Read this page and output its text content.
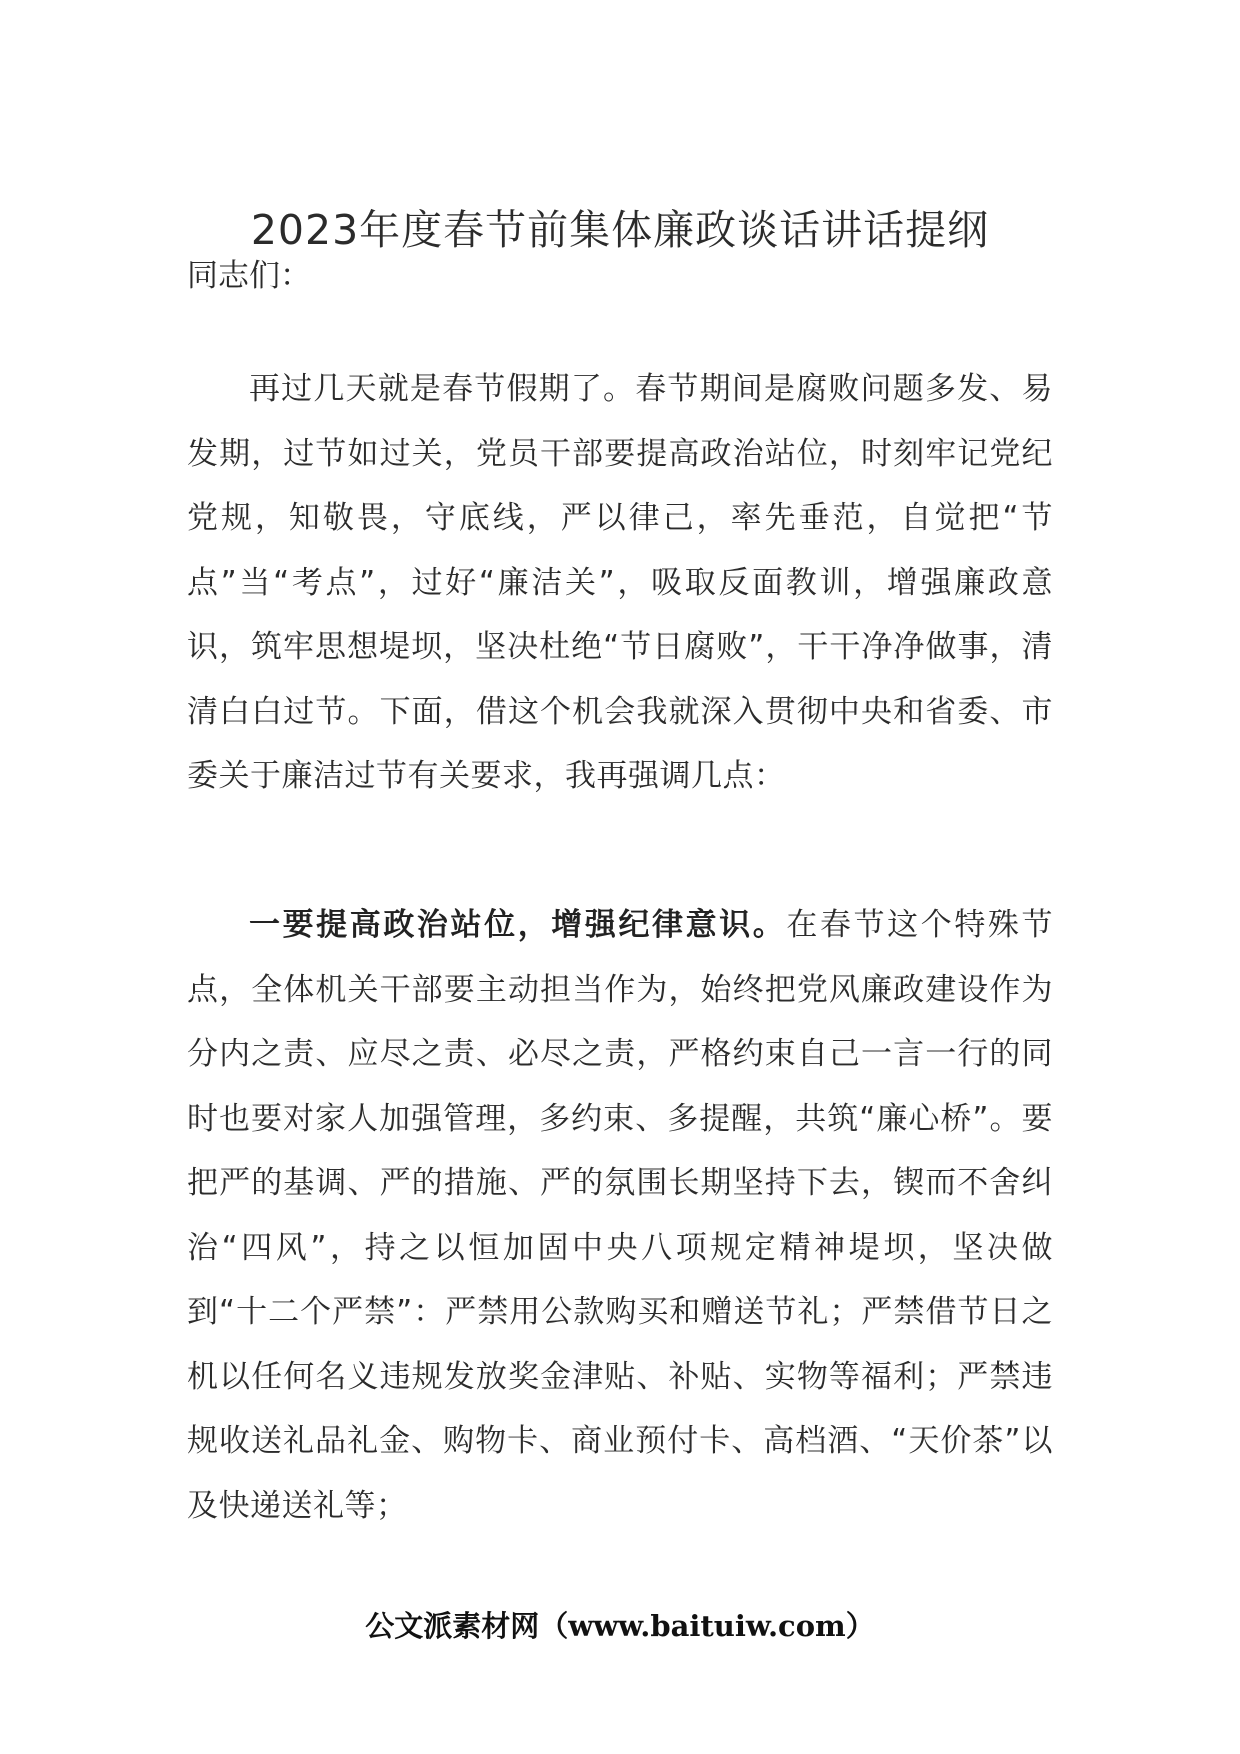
2023年度春节前集体廉政谈话讲话提纲

同志们：

再过几天就是春节假期了。春节期间是腐败问题多发、易发期，过节如过关，党员干部要提高政治站位，时刻牢记党纪党规，知敬畏，守底线，严以律己，率先垂范，自觉把“节点”当“考点”，过好“廉洁关”，吸取反面教训，增强廉政意识，筑牢思想堤坝，坚决杜绝“节日腐败”，干干净净做事，清清白白过节。下面，借这个机会我就深入贯彻中央和省委、市委关于廉洁过节有关要求，我再强调几点：

一要提高政治站位，增强纪律意识。在春节这个特殊节点，全体机关干部要主动担当作为，始终把党风廉政建设作为分内之责、应尽之责、必尽之责，严格约束自己一言一行的同时也要对家人加强管理，多约束、多提醒，共筑“廉心桥”。要把严的基调、严的措施、严的氛围长期坚持下去，锲而不舍纠治“四风”，持之以恒加固中央八项规定精神堤坝，坚决做到“十二个严禁”：严禁用公款购买和赠送节礼；严禁借节日之机以任何名义违规发放奖金津贴、补贴、实物等福利；严禁违规收送礼品礼金、购物卡、商业预付卡、高档酒、“天价茶”以及快递送礼等；

公文派素材网（www.baituiw.com）
